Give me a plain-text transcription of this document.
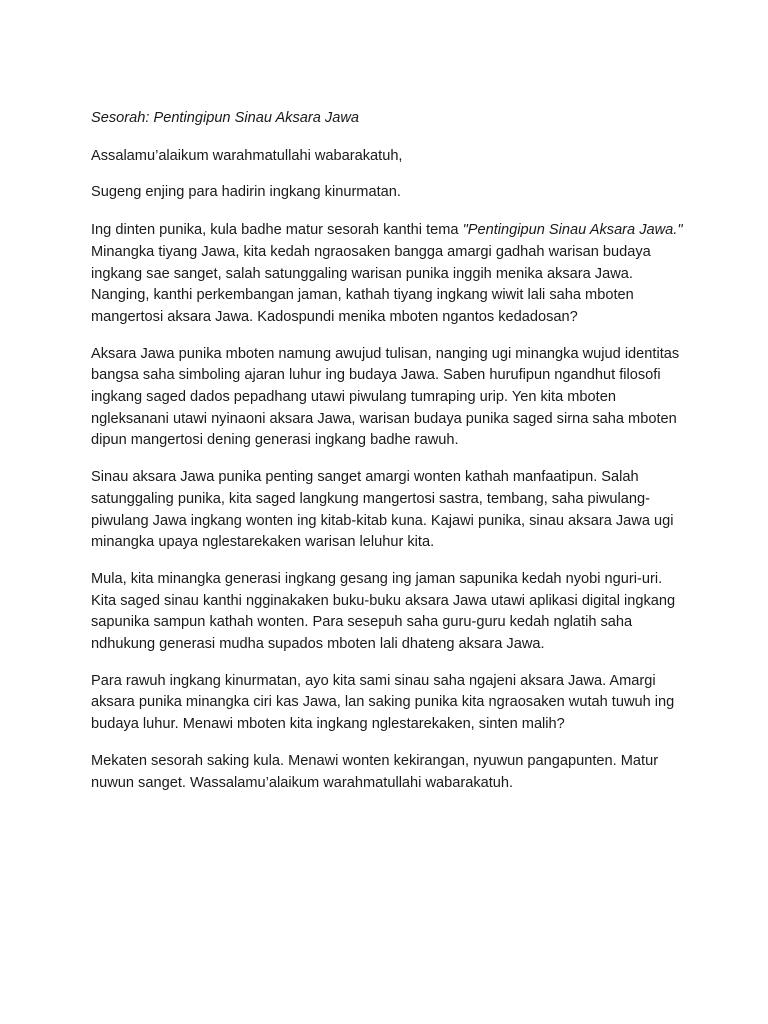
Sesorah: Pentingipun Sinau Aksara Jawa

Assalamu’alaikum warahmatullahi wabarakatuh,

Sugeng enjing para hadirin ingkang kinurmatan.

Ing dinten punika, kula badhe matur sesorah kanthi tema "Pentingipun Sinau Aksara Jawa." Minangka tiyang Jawa, kita kedah ngraosaken bangga amargi gadhah warisan budaya ingkang sae sanget, salah satunggaling warisan punika inggih menika aksara Jawa. Nanging, kanthi perkembangan jaman, kathah tiyang ingkang wiwit lali saha mboten mangertosi aksara Jawa. Kadospundi menika mboten ngantos kedadosan?

Aksara Jawa punika mboten namung awujud tulisan, nanging ugi minangka wujud identitas bangsa saha simboling ajaran luhur ing budaya Jawa. Saben hurufipun ngandhut filosofi ingkang saged dados pepadhang utawi piwulang tumraping urip. Yen kita mboten ngleksanani utawi nyinaoni aksara Jawa, warisan budaya punika saged sirna saha mboten dipun mangertosi dening generasi ingkang badhe rawuh.

Sinau aksara Jawa punika penting sanget amargi wonten kathah manfaatipun. Salah satunggaling punika, kita saged langkung mangertosi sastra, tembang, saha piwulang-piwulang Jawa ingkang wonten ing kitab-kitab kuna. Kajawi punika, sinau aksara Jawa ugi minangka upaya nglestarekaken warisan leluhur kita.

Mula, kita minangka generasi ingkang gesang ing jaman sapunika kedah nyobi nguri-uri. Kita saged sinau kanthi ngginakaken buku-buku aksara Jawa utawi aplikasi digital ingkang sapunika sampun kathah wonten. Para sesepuh saha guru-guru kedah nglatih saha ndhukung generasi mudha supados mboten lali dhateng aksara Jawa.

Para rawuh ingkang kinurmatan, ayo kita sami sinau saha ngajeni aksara Jawa. Amargi aksara punika minangka ciri kas Jawa, lan saking punika kita ngraosaken wutah tuwuh ing budaya luhur. Menawi mboten kita ingkang nglestarekaken, sinten malih?

Mekaten sesorah saking kula. Menawi wonten kekirangan, nyuwun pangapunten. Matur nuwun sanget. Wassalamu’alaikum warahmatullahi wabarakatuh.
